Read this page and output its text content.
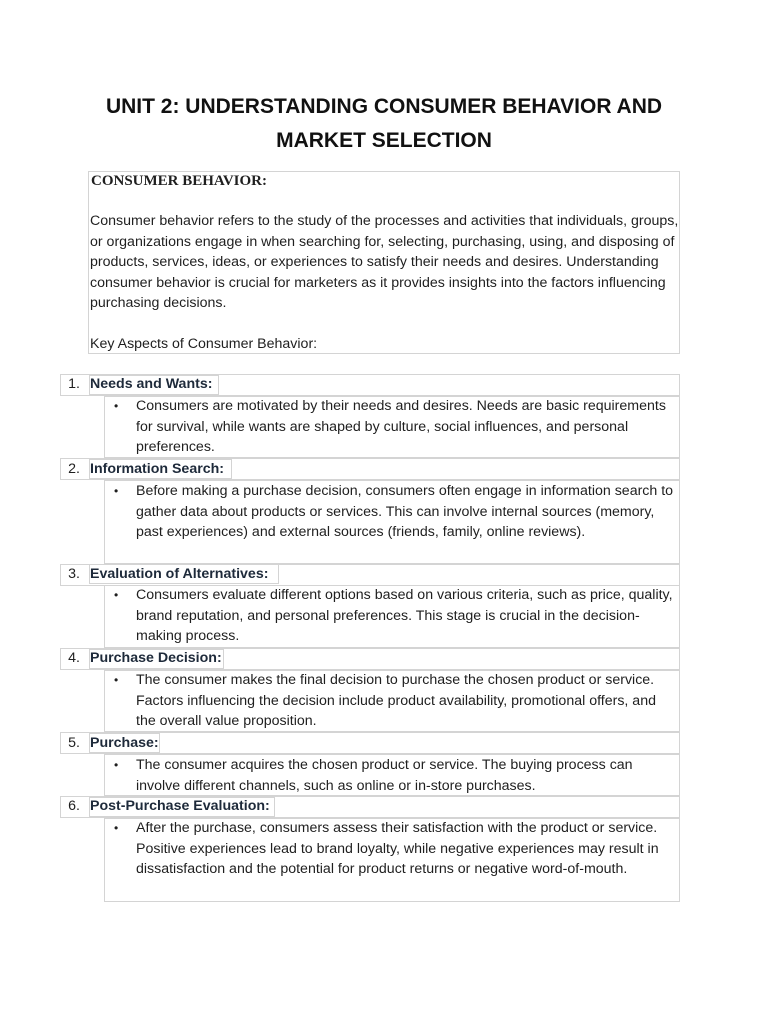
UNIT 2: UNDERSTANDING CONSUMER BEHAVIOR AND
MARKET SELECTION
CONSUMER BEHAVIOR:
Consumer behavior refers to the study of the processes and activities that individuals, groups, or organizations engage in when searching for, selecting, purchasing, using, and disposing of products, services, ideas, or experiences to satisfy their needs and desires. Understanding consumer behavior is crucial for marketers as it provides insights into the factors influencing purchasing decisions.
Key Aspects of Consumer Behavior:
1. Needs and Wants:
• Consumers are motivated by their needs and desires. Needs are basic requirements for survival, while wants are shaped by culture, social influences, and personal preferences.
2. Information Search:
• Before making a purchase decision, consumers often engage in information search to gather data about products or services. This can involve internal sources (memory, past experiences) and external sources (friends, family, online reviews).
3. Evaluation of Alternatives:
• Consumers evaluate different options based on various criteria, such as price, quality, brand reputation, and personal preferences. This stage is crucial in the decision-making process.
4. Purchase Decision:
• The consumer makes the final decision to purchase the chosen product or service. Factors influencing the decision include product availability, promotional offers, and the overall value proposition.
5. Purchase:
• The consumer acquires the chosen product or service. The buying process can involve different channels, such as online or in-store purchases.
6. Post-Purchase Evaluation:
• After the purchase, consumers assess their satisfaction with the product or service. Positive experiences lead to brand loyalty, while negative experiences may result in dissatisfaction and the potential for product returns or negative word-of-mouth.
